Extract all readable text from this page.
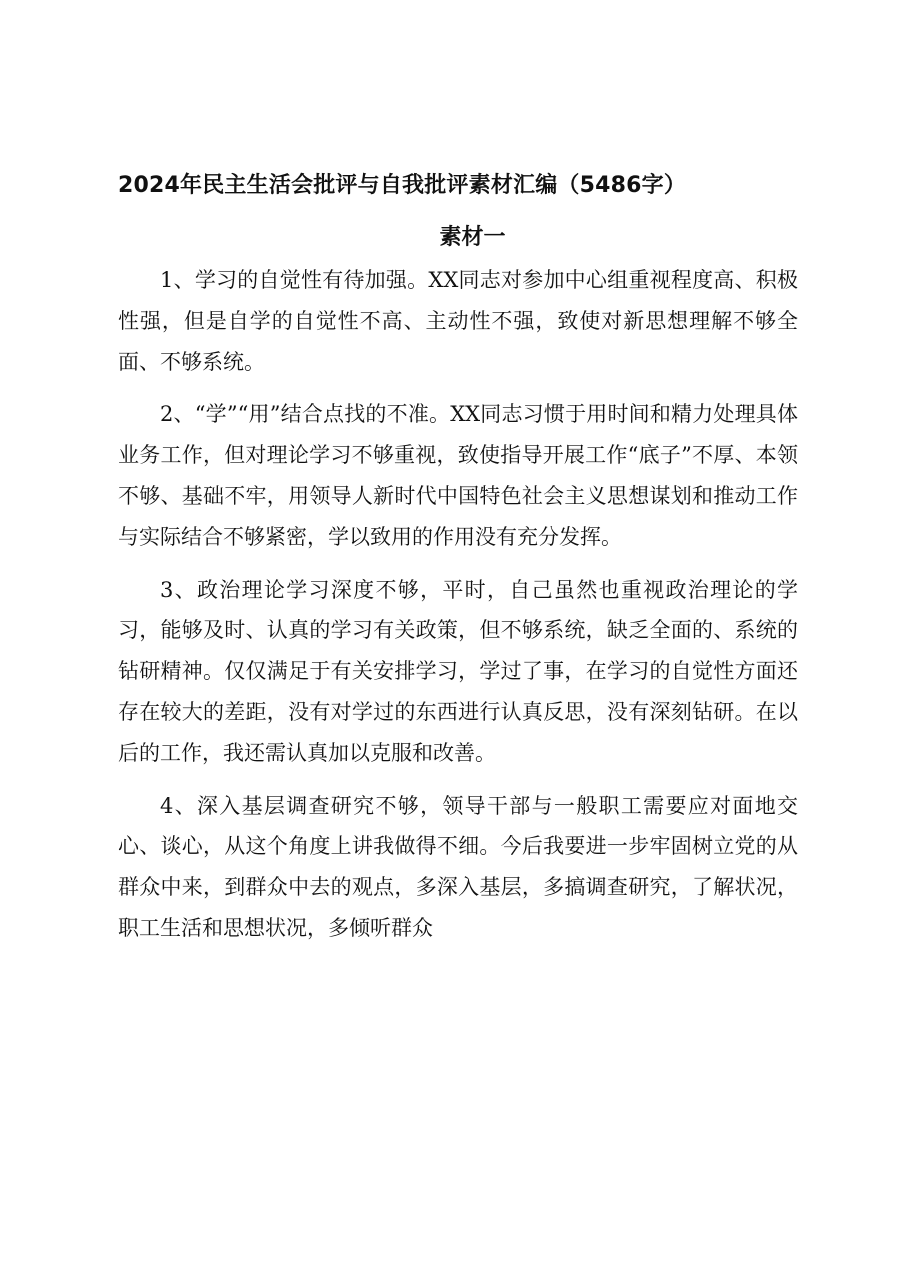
2024年民主生活会批评与自我批评素材汇编（5486字）
素材一

1、学习的自觉性有待加强。XX同志对参加中心组重视程度高、积极性强，但是自学的自觉性不高、主动性不强，致使对新思想理解不够全面、不够系统。

2、“学”“用”结合点找的不准。XX同志习惯于用时间和精力处理具体业务工作，但对理论学习不够重视，致使指导开展工作“底子”不厚、本领不够、基础不牢，用领导人新时代中国特色社会主义思想谋划和推动工作与实际结合不够紧密，学以致用的作用没有充分发挥。

3、政治理论学习深度不够，平时，自己虽然也重视政治理论的学习，能够及时、认真的学习有关政策，但不够系统，缺乏全面的、系统的钻研精神。仅仅满足于有关安排学习，学过了事，在学习的自觉性方面还存在较大的差距，没有对学过的东西进行认真反思，没有深刻钻研。在以后的工作，我还需认真加以克服和改善。

4、深入基层调查研究不够，领导干部与一般职工需要应对面地交心、谈心，从这个角度上讲我做得不细。今后我要进一步牢固树立党的从群众中来，到群众中去的观点，多深入基层，多搞调查研究，了解状况，职工生活和思想状况，多倾听群众
